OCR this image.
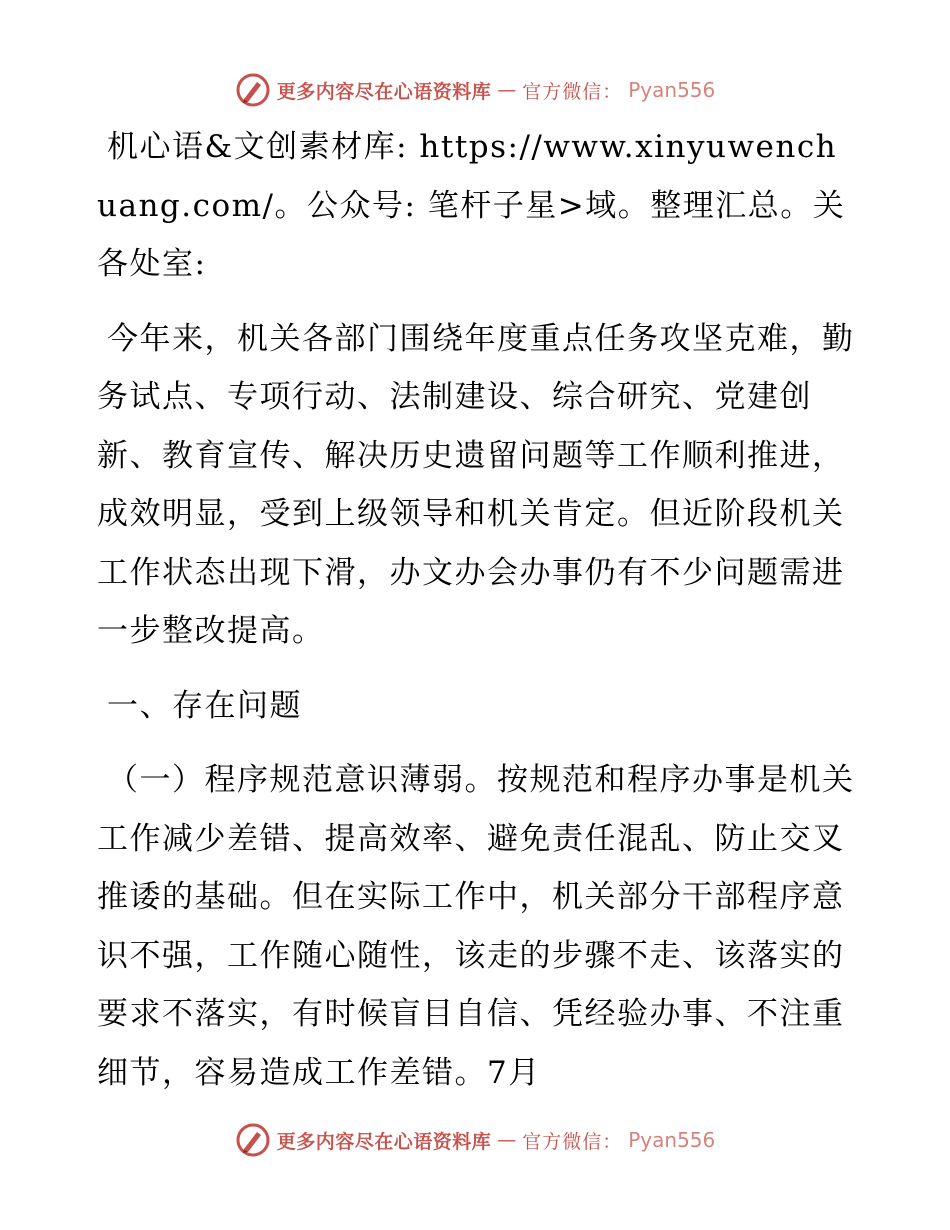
更多内容尽在心语资料库 — 官方微信： Pyan556

机心语&文创素材库: https://www.xinyuwenchuang.com/。公众号: 笔杆子星>域。整理汇总。关各处室:

今年来，机关各部门围绕年度重点任务攻坚克难，勤务试点、专项行动、法制建设、综合研究、党建创新、教育宣传、解决历史遗留问题等工作顺利推进，成效明显，受到上级领导和机关肯定。但近阶段机关工作状态出现下滑，办文办会办事仍有不少问题需进一步整改提高。

一、存在问题

（一）程序规范意识薄弱。按规范和程序办事是机关工作减少差错、提高效率、避免责任混乱、防止交叉推诿的基础。但在实际工作中，机关部分干部程序意识不强，工作随心随性，该走的步骤不走、该落实的要求不落实，有时候盲目自信、凭经验办事、不注重细节，容易造成工作差错。7月

更多内容尽在心语资料库 — 官方微信： Pyan556
